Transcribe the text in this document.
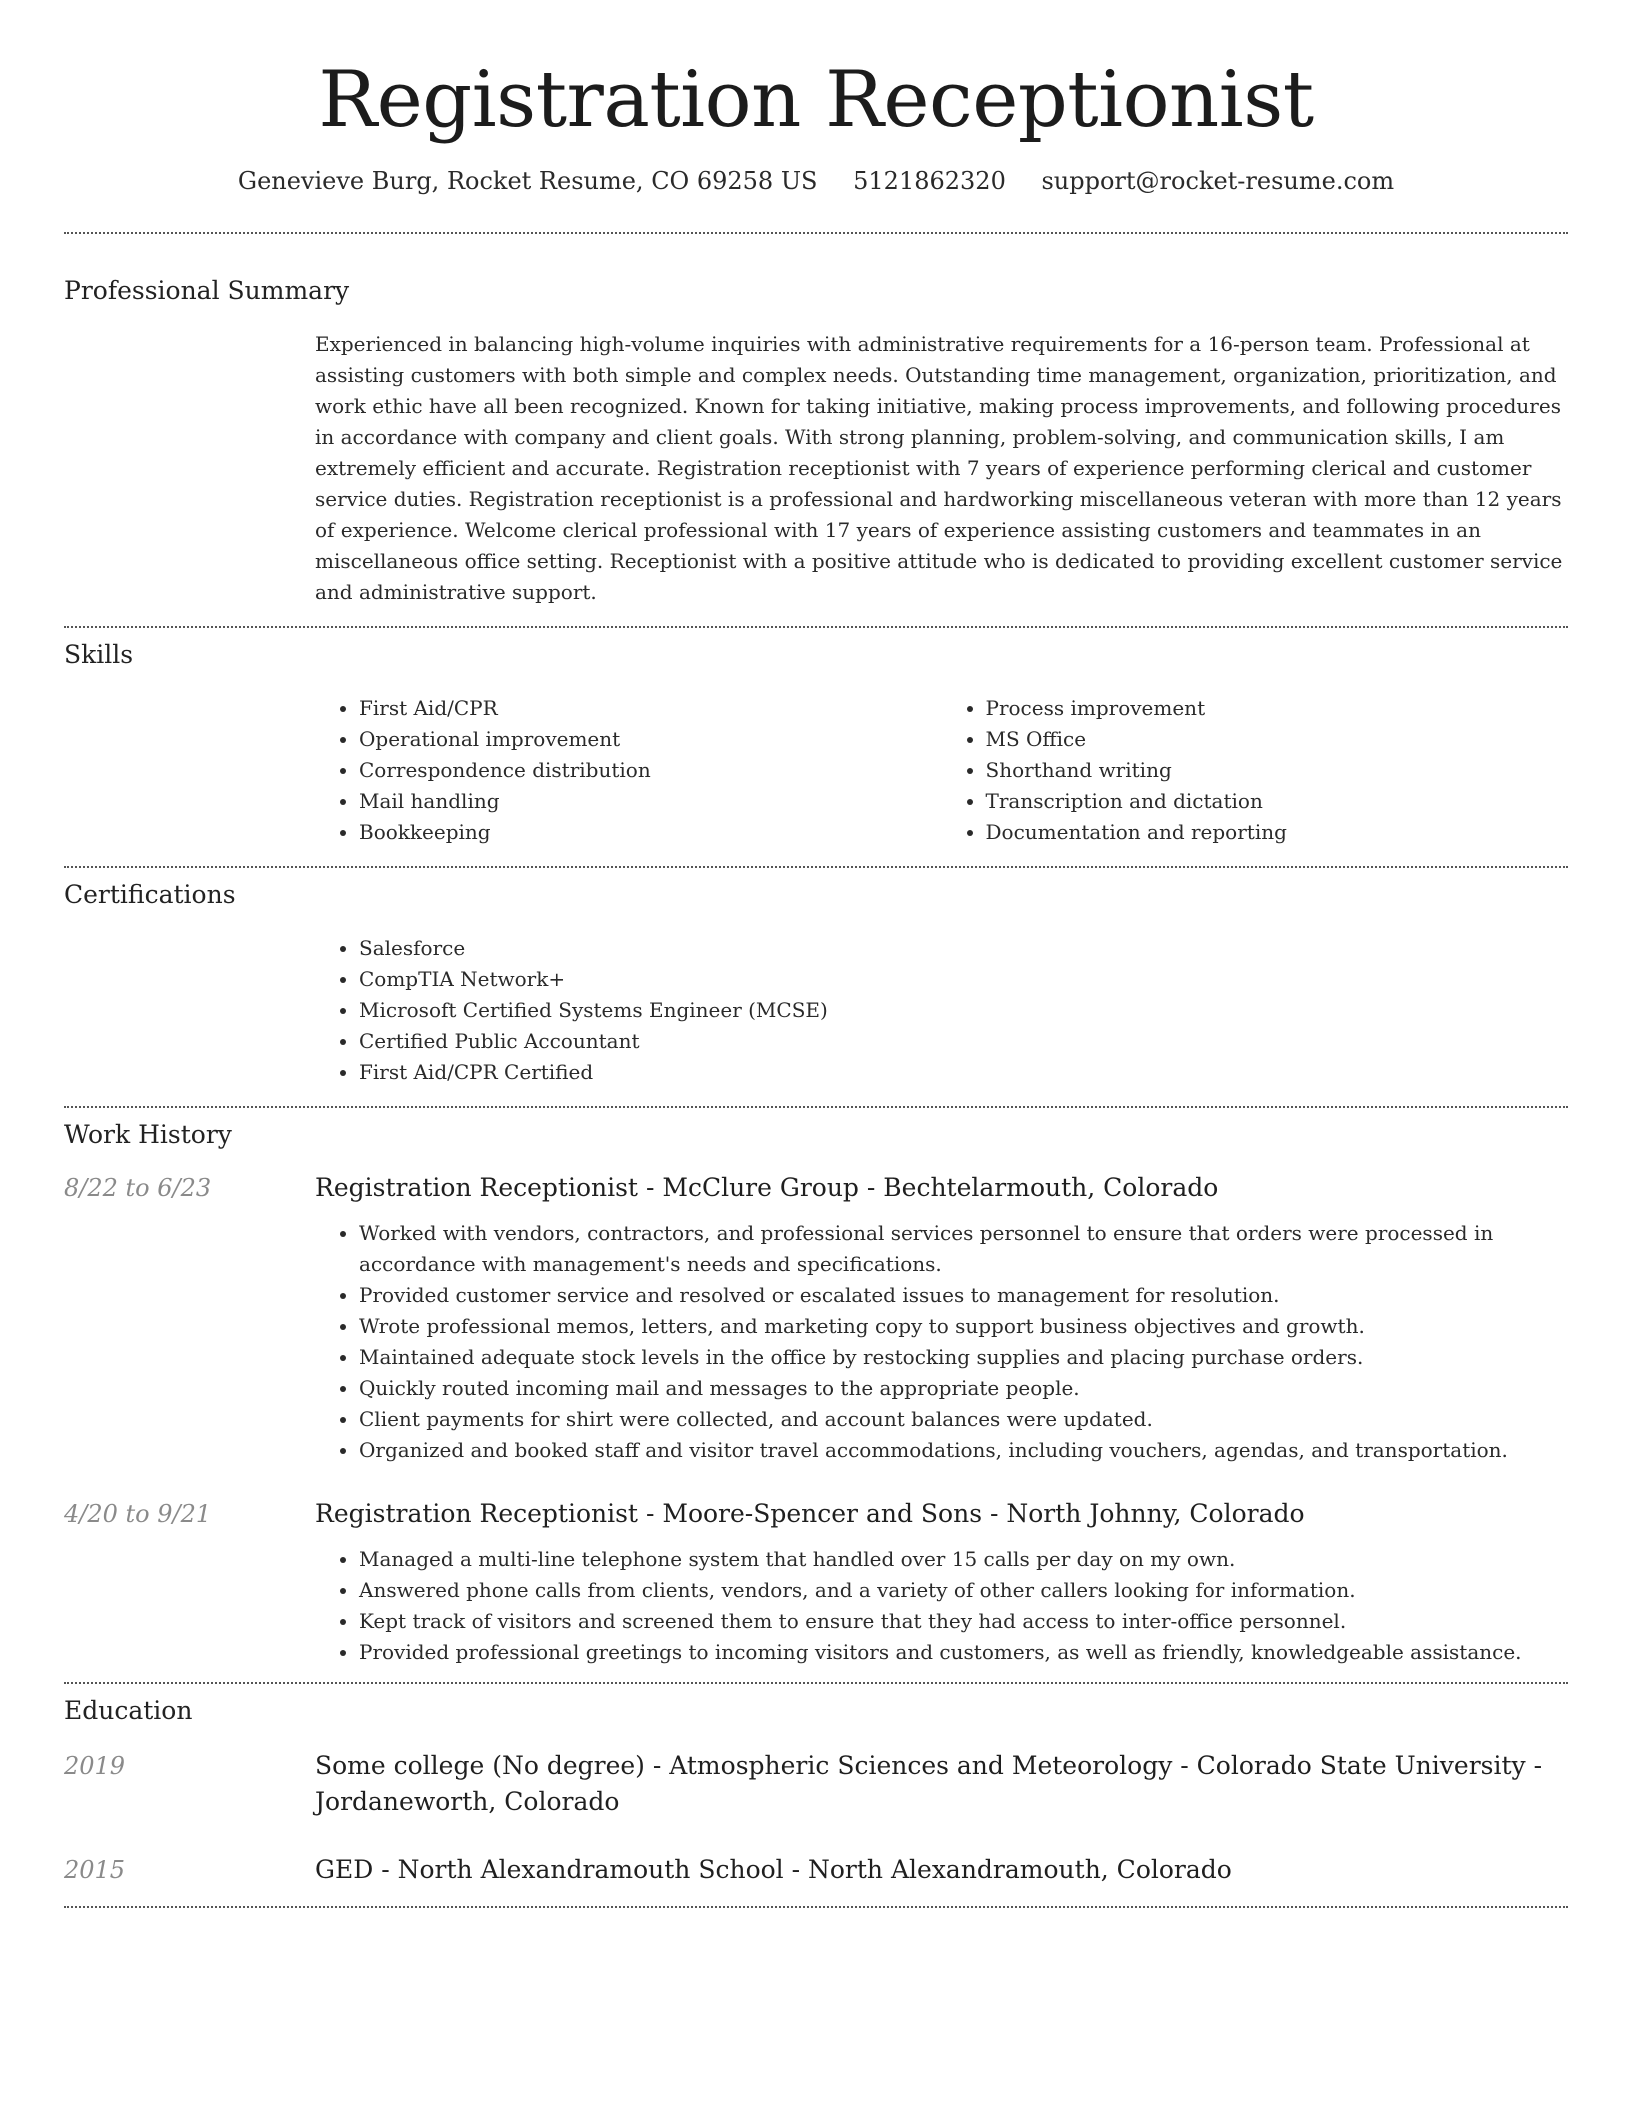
Registration Receptionist
Genevieve Burg, Rocket Resume, CO 69258 US 5121862320 support@rocket-resume.com
Professional Summary
Experienced in balancing high-volume inquiries with administrative requirements for a 16-person team. Professional at assisting customers with both simple and complex needs. Outstanding time management, organization, prioritization, and work ethic have all been recognized. Known for taking initiative, making process improvements, and following procedures in accordance with company and client goals. With strong planning, problem-solving, and communication skills, I am extremely efficient and accurate. Registration receptionist with 7 years of experience performing clerical and customer service duties. Registration receptionist is a professional and hardworking miscellaneous veteran with more than 12 years of experience. Welcome clerical professional with 17 years of experience assisting customers and teammates in an miscellaneous office setting. Receptionist with a positive attitude who is dedicated to providing excellent customer service and administrative support.
Skills
• First Aid/CPR
• Operational improvement
• Correspondence distribution
• Mail handling
• Bookkeeping
• Process improvement
• MS Office
• Shorthand writing
• Transcription and dictation
• Documentation and reporting
Certifications
• Salesforce
• CompTIA Network+
• Microsoft Certified Systems Engineer (MCSE)
• Certified Public Accountant
• First Aid/CPR Certified
Work History
8/22 to 6/23	Registration Receptionist - McClure Group - Bechtelarmouth, Colorado
• Worked with vendors, contractors, and professional services personnel to ensure that orders were processed in accordance with management's needs and specifications.
• Provided customer service and resolved or escalated issues to management for resolution.
• Wrote professional memos, letters, and marketing copy to support business objectives and growth.
• Maintained adequate stock levels in the office by restocking supplies and placing purchase orders.
• Quickly routed incoming mail and messages to the appropriate people.
• Client payments for shirt were collected, and account balances were updated.
• Organized and booked staff and visitor travel accommodations, including vouchers, agendas, and transportation.
4/20 to 9/21	Registration Receptionist - Moore-Spencer and Sons - North Johnny, Colorado
• Managed a multi-line telephone system that handled over 15 calls per day on my own.
• Answered phone calls from clients, vendors, and a variety of other callers looking for information.
• Kept track of visitors and screened them to ensure that they had access to inter-office personnel.
• Provided professional greetings to incoming visitors and customers, as well as friendly, knowledgeable assistance.
Education
2019	Some college (No degree) - Atmospheric Sciences and Meteorology - Colorado State University - Jordaneworth, Colorado
2015	GED - North Alexandramouth School - North Alexandramouth, Colorado
